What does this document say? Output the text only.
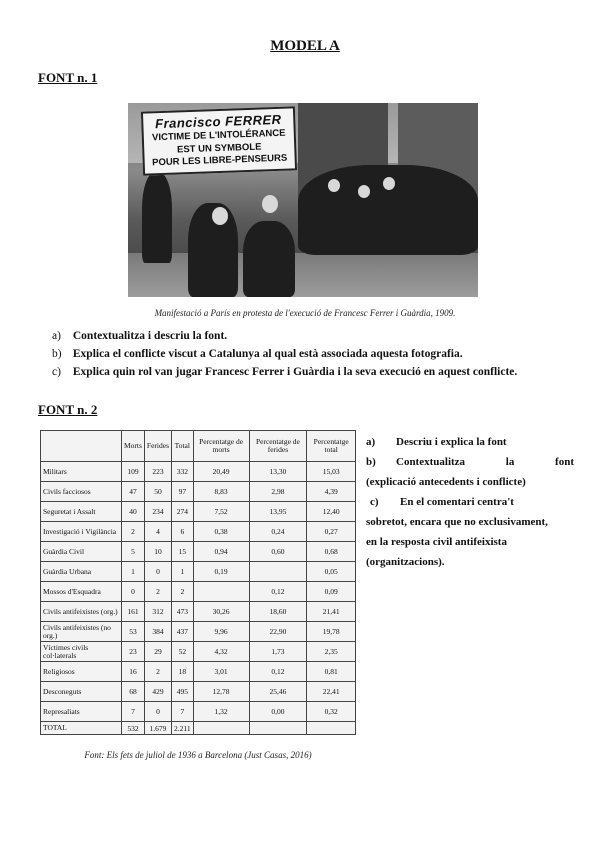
MODEL A
FONT n. 1
Francisco FERRER
VICTIME DE L'INTOLÉRANCE
EST UN SYMBOLE
POUR LES LIBRE-PENSEURS
Manifestació a París en protesta de l'execució de Francesc Ferrer i Guàrdia, 1909.
a) Contextualitza i descriu la font.
b) Explica el conflicte viscut a Catalunya al qual està associada aquesta fotografia.
c) Explica quin rol van jugar Francesc Ferrer i Guàrdia i la seva execució en aquest conflicte.
FONT n. 2
	Morts	Ferides	Total	Percentatge de morts	Percentatge de ferides	Percentatge total
Militars	109	223	332	20,49	13,30	15,03
Civils facciosos	47	50	97	8,83	2,98	4,39
Seguretat i Assalt	40	234	274	7,52	13,95	12,40
Investigació i Vigilància	2	4	6	0,38	0,24	0,27
Guàrdia Civil	5	10	15	0,94	0,60	0,68
Guàrdia Urbana	1	0	1	0,19		0,05
Mossos d'Esquadra	0	2	2		0,12	0,09
Civils antifeixistes (org.)	161	312	473	30,26	18,60	21,41
Civils antifeixistes (no org.)	53	384	437	9,96	22,90	19,78
Víctimes civils col·laterals	23	29	52	4,32	1,73	2,35
Religiosos	16	2	18	3,01	0,12	0,81
Desconeguts	68	429	495	12,78	25,46	22,41
Represaliats	7	0	7	1,32	0,00	0,32
TOTAL	532	1.679	2.211			
Font: Els fets de juliol de 1936 a Barcelona (Just Casas, 2016)
a)	Descriu i explica la font
b)	Contextualitza la font
(explicació antecedents i conflicte)
c)	En el comentari centra't
sobretot, encara que no exclusivament,
en la resposta civil antifeixista
(organitzacions).
